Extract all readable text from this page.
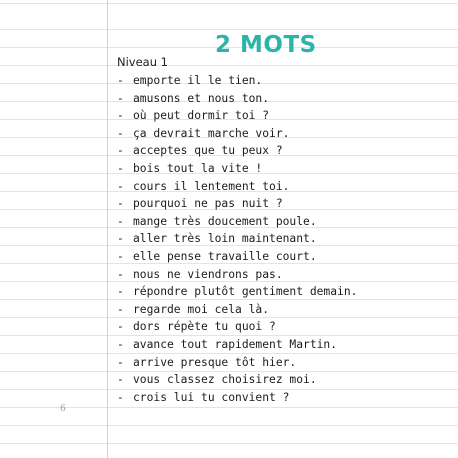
2 MOTS
Niveau 1
- emporte il le tien.
- amusons et nous ton.
- où peut dormir toi ?
- ça devrait marche voir.
- acceptes que tu peux ?
- bois tout la vite !
- cours il lentement toi.
- pourquoi ne pas nuit ?
- mange très doucement poule.
- aller très loin maintenant.
- elle pense travaille court.
- nous ne viendrons pas.
- répondre plutôt gentiment demain.
- regarde moi cela là.
- dors répète tu quoi ?
- avance tout rapidement Martin.
- arrive presque tôt hier.
- vous classez choisirez moi.
- crois lui tu convient ?
6
